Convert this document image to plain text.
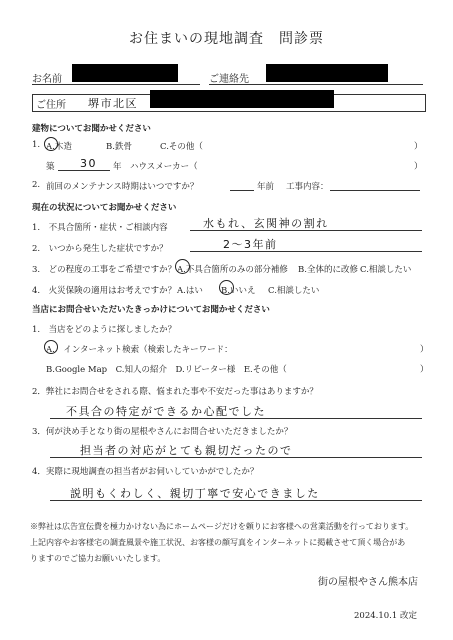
お住まいの現地調査　問診票
お名前	ご連絡先
ご住所 堺市北区
建物についてお聞かせください
1. A.木造	B.鉄骨	C.その他（	）
築 30 年　ハウスメーカー（	）
2. 前回のメンテナンス時期はいつですか？	年前 工事内容：
現在の状況についてお聞かせください
1.　不具合箇所・症状・ご相談内容	水もれ、玄関神の割れ
2.　いつから発生した症状ですか？	2〜3年前
3.　どの程度の工事をご希望ですか？ A.不具合箇所のみの部分補修 B.全体的に改修 C.相談したい
4.　火災保険の適用はお考えですか？ A.はい B.いいえ C.相談したい
当店にお問合せいただいたきっかけについてお聞かせください
1.　当店をどのように探しましたか？
A.　インターネット検索（検索したキーワード：	）
B.Google Map　C.知人の紹介　D.リピーター様　E.その他（	）
2．弊社にお問合せをされる際、悩まれた事や不安だった事はありますか？
不具合の特定ができるか心配でした
3．何が決め手となり街の屋根やさんにお問合せいただきましたか？
担当者の対応がとても親切だったので
4．実際に現地調査の担当者がお伺いしていかがでしたか？
説明もくわしく、親切丁寧で安心できました
※弊社は広告宣伝費を極力かけない為にホームページだけを頼りにお客様への営業活動を行っております。
上記内容やお客様宅の調査風景や施工状況、お客様の顔写真をインターネットに掲載させて頂く場合があ
りますのでご協力お願いいたします。
街の屋根やさん熊本店
2024.10.1 改定
